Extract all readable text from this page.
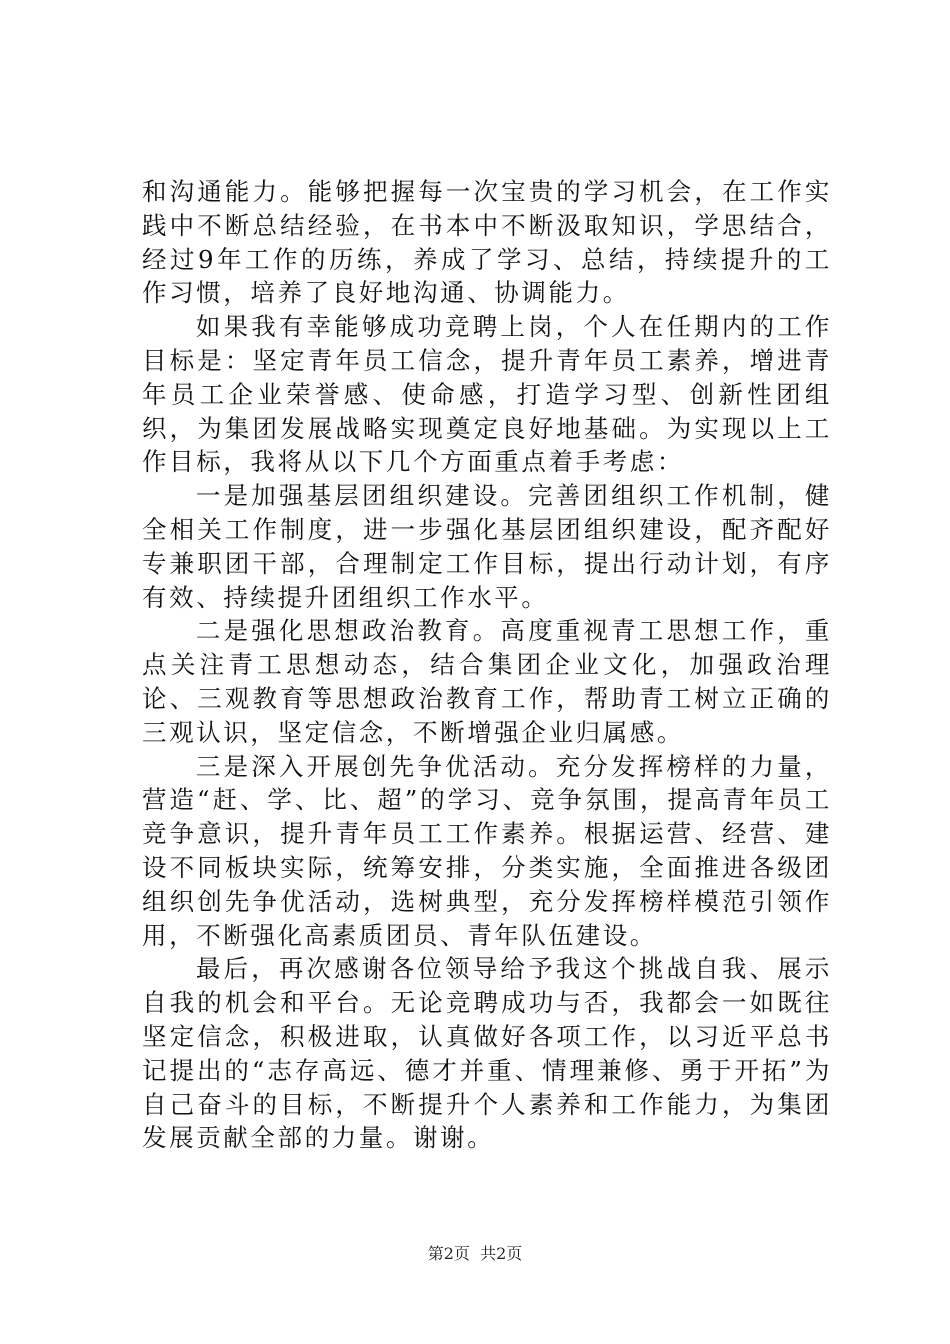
和沟通能力。能够把握每一次宝贵的学习机会，在工作实践中不断总结经验，在书本中不断汲取知识，学思结合，经过9年工作的历练，养成了学习、总结，持续提升的工作习惯，培养了良好地沟通、协调能力。

如果我有幸能够成功竞聘上岗，个人在任期内的工作目标是：坚定青年员工信念，提升青年员工素养，增进青年员工企业荣誉感、使命感，打造学习型、创新性团组织，为集团发展战略实现奠定良好地基础。为实现以上工作目标，我将从以下几个方面重点着手考虑：

一是加强基层团组织建设。完善团组织工作机制，健全相关工作制度，进一步强化基层团组织建设，配齐配好专兼职团干部，合理制定工作目标，提出行动计划，有序有效、持续提升团组织工作水平。

二是强化思想政治教育。高度重视青工思想工作，重点关注青工思想动态，结合集团企业文化，加强政治理论、三观教育等思想政治教育工作，帮助青工树立正确的三观认识，坚定信念，不断增强企业归属感。

三是深入开展创先争优活动。充分发挥榜样的力量，营造“赶、学、比、超”的学习、竞争氛围，提高青年员工竞争意识，提升青年员工工作素养。根据运营、经营、建设不同板块实际，统筹安排，分类实施，全面推进各级团组织创先争优活动，选树典型，充分发挥榜样模范引领作用，不断强化高素质团员、青年队伍建设。

最后，再次感谢各位领导给予我这个挑战自我、展示自我的机会和平台。无论竞聘成功与否，我都会一如既往坚定信念，积极进取，认真做好各项工作，以习近平总书记提出的“志存高远、德才并重、情理兼修、勇于开拓”为自己奋斗的目标，不断提升个人素养和工作能力，为集团发展贡献全部的力量。谢谢。

第2页  共2页
